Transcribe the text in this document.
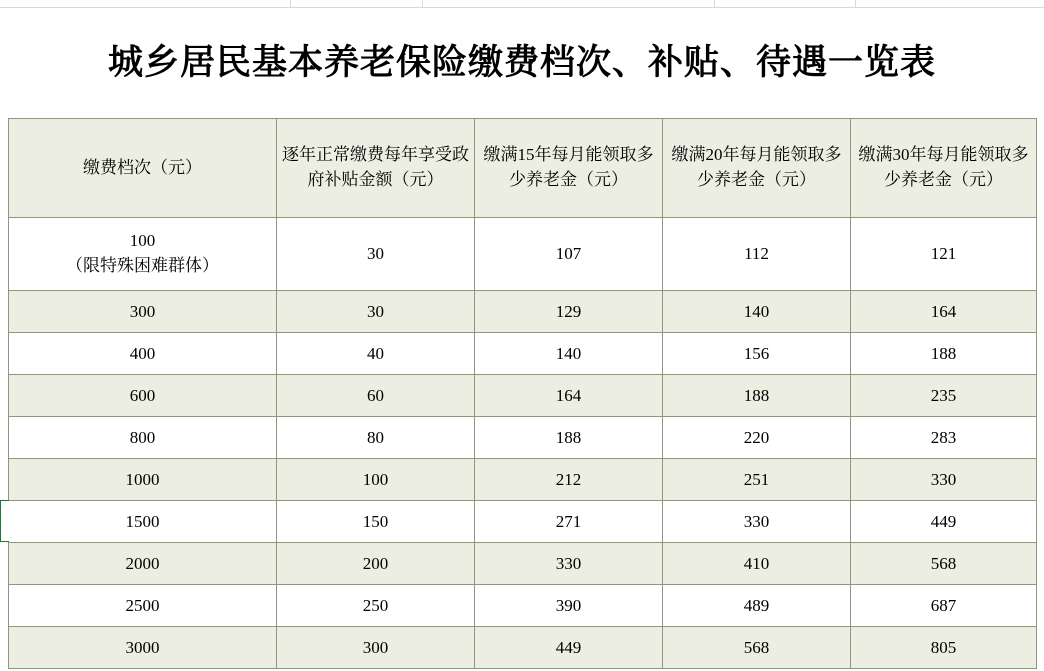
城乡居民基本养老保险缴费档次、补贴、待遇一览表
缴费档次（元）	逐年正常缴费每年享受政府补贴金额（元）	缴满15年每月能领取多少养老金（元）	缴满20年每月能领取多少养老金（元）	缴满30年每月能领取多少养老金（元）
100
（限特殊困难群体）	30	107	112	121
300	30	129	140	164
400	40	140	156	188
600	60	164	188	235
800	80	188	220	283
1000	100	212	251	330
1500	150	271	330	449
2000	200	330	410	568
2500	250	390	489	687
3000	300	449	568	805
